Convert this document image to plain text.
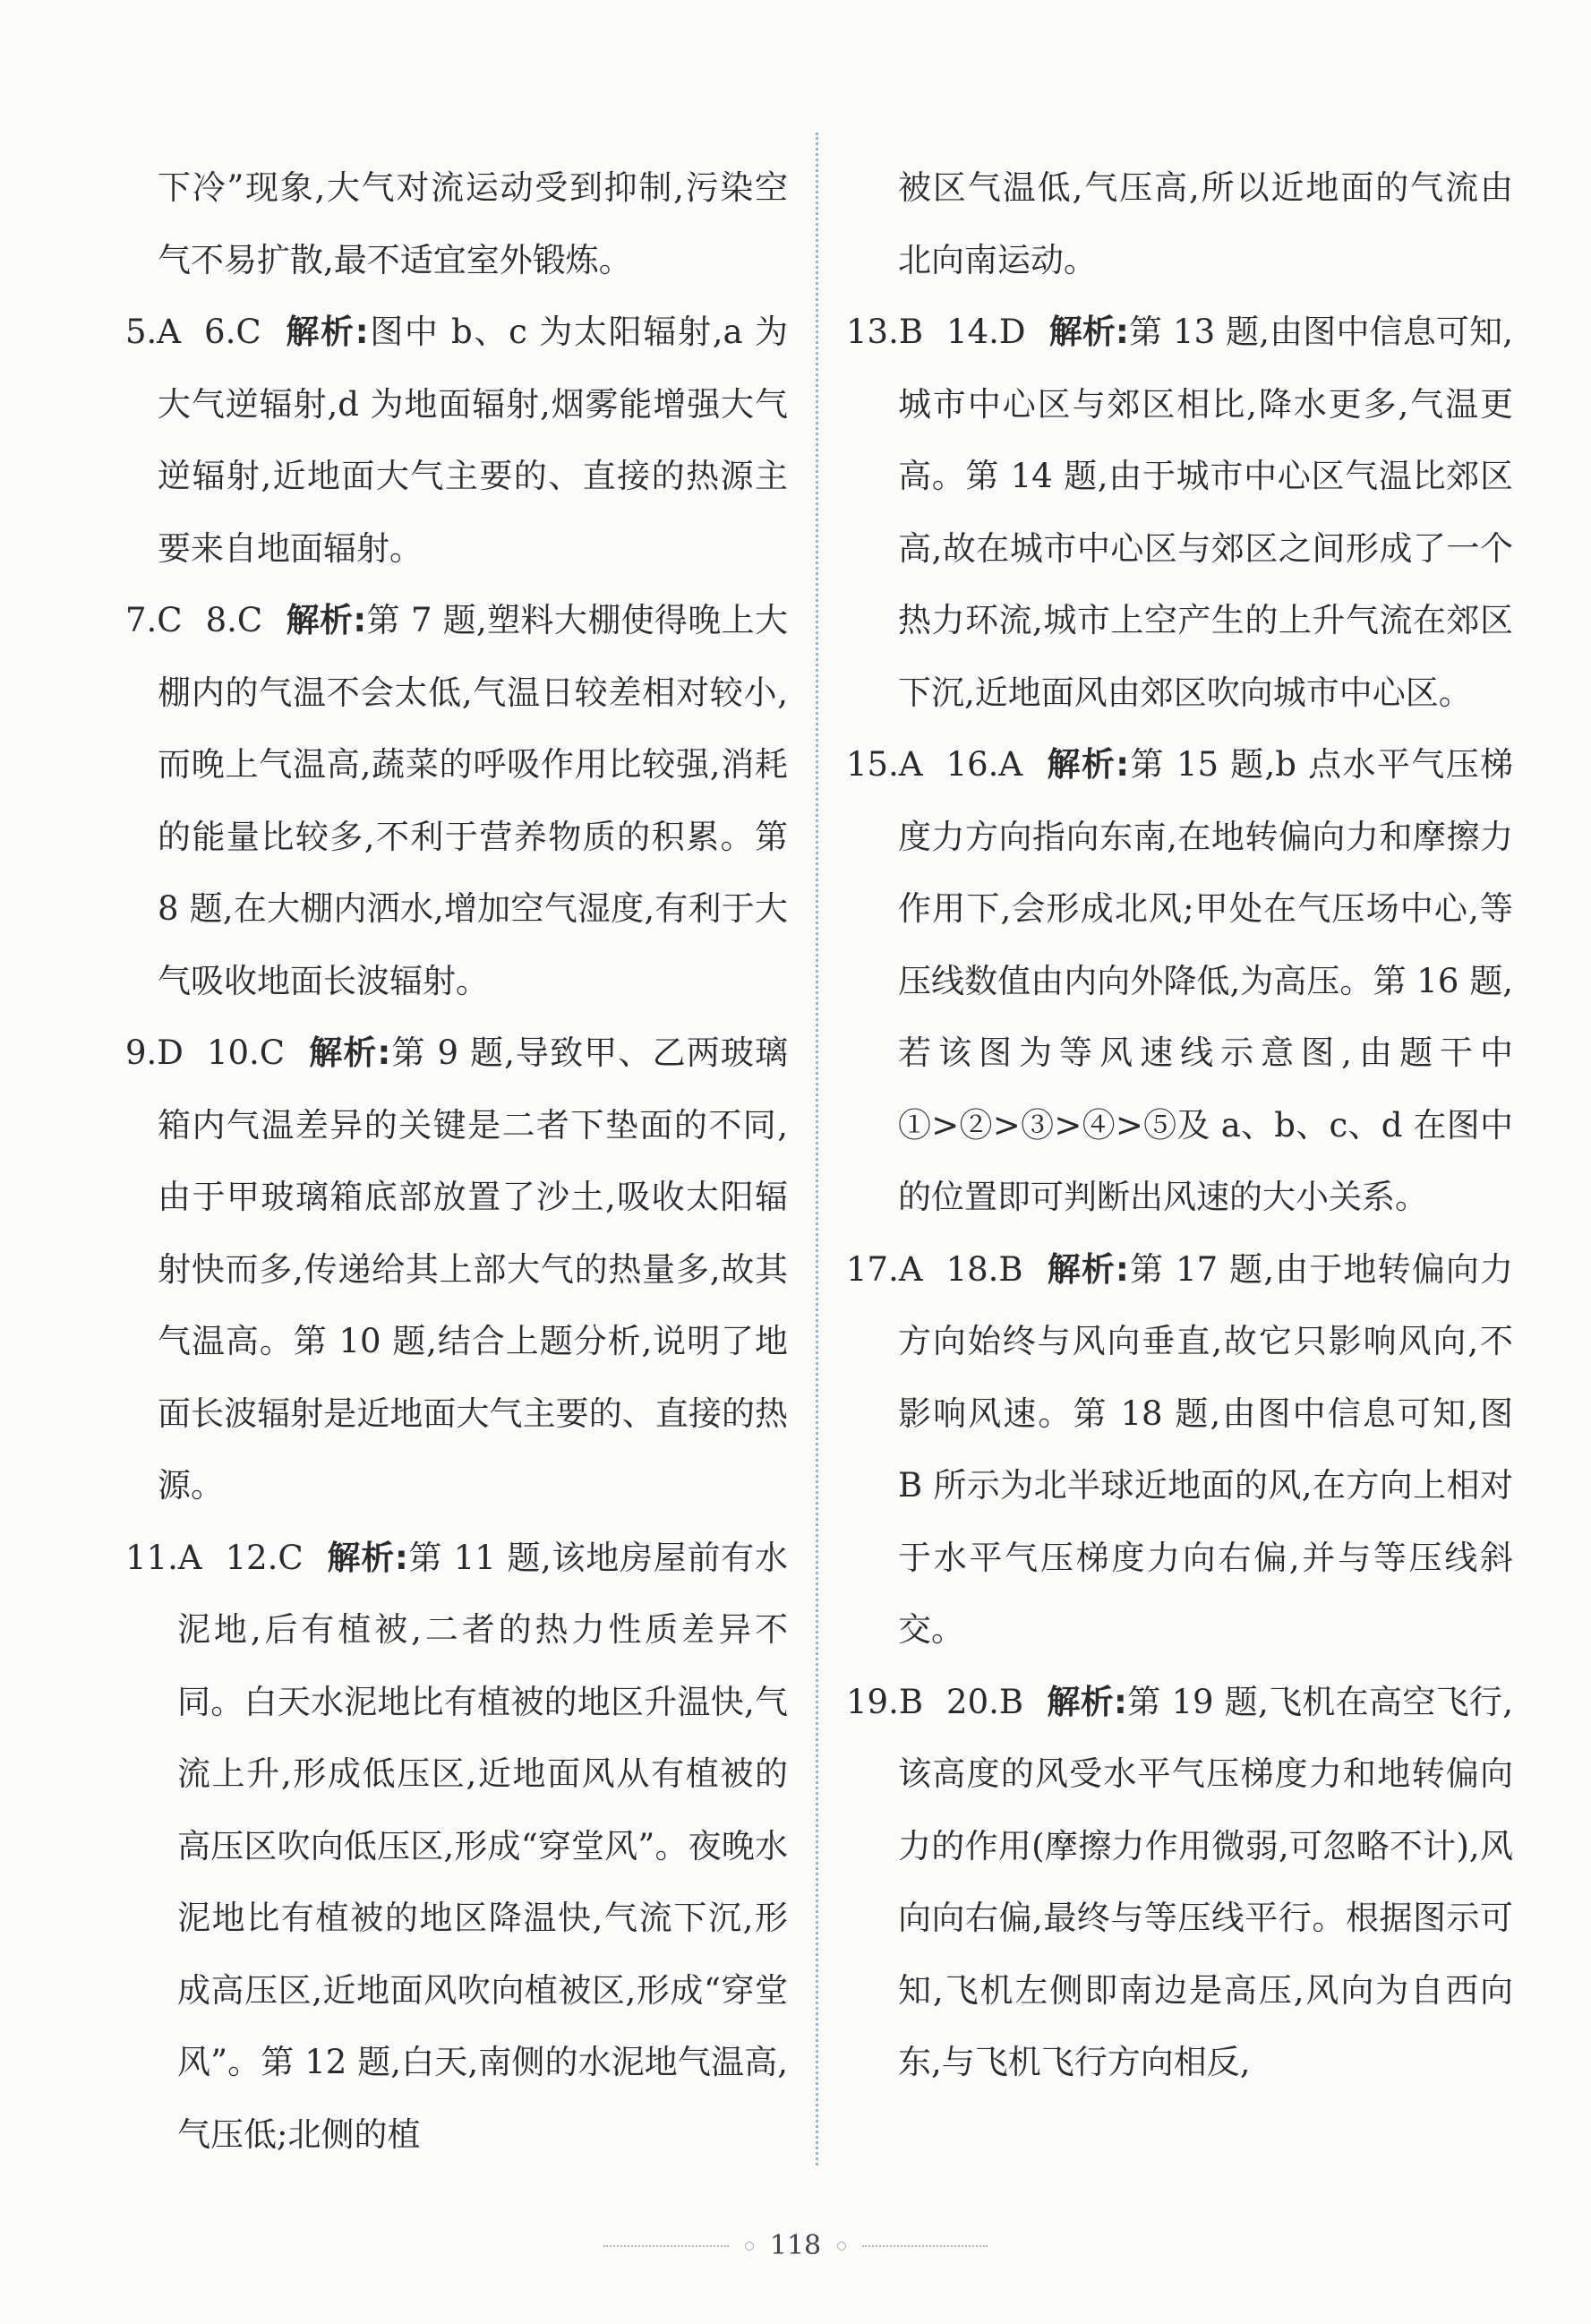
下冷”现象,大气对流运动受到抑制,污染空气不易扩散,最不适宜室外锻炼。

5.A 6.C 解析:图中 b、c 为太阳辐射,a 为大气逆辐射,d 为地面辐射,烟雾能增强大气逆辐射,近地面大气主要的、直接的热源主要来自地面辐射。

7.C 8.C 解析:第 7 题,塑料大棚使得晚上大棚内的气温不会太低,气温日较差相对较小,而晚上气温高,蔬菜的呼吸作用比较强,消耗的能量比较多,不利于营养物质的积累。第 8 题,在大棚内洒水,增加空气湿度,有利于大气吸收地面长波辐射。

9.D 10.C 解析:第 9 题,导致甲、乙两玻璃箱内气温差异的关键是二者下垫面的不同,由于甲玻璃箱底部放置了沙土,吸收太阳辐射快而多,传递给其上部大气的热量多,故其气温高。第 10 题,结合上题分析,说明了地面长波辐射是近地面大气主要的、直接的热源。

11.A 12.C 解析:第 11 题,该地房屋前有水泥地,后有植被,二者的热力性质差异不同。白天水泥地比有植被的地区升温快,气流上升,形成低压区,近地面风从有植被的高压区吹向低压区,形成“穿堂风”。夜晚水泥地比有植被的地区降温快,气流下沉,形成高压区,近地面风吹向植被区,形成“穿堂风”。第 12 题,白天,南侧的水泥地气温高,气压低;北侧的植

被区气温低,气压高,所以近地面的气流由北向南运动。

13.B 14.D 解析:第 13 题,由图中信息可知,城市中心区与郊区相比,降水更多,气温更高。第 14 题,由于城市中心区气温比郊区高,故在城市中心区与郊区之间形成了一个热力环流,城市上空产生的上升气流在郊区下沉,近地面风由郊区吹向城市中心区。

15.A 16.A 解析:第 15 题,b 点水平气压梯度力方向指向东南,在地转偏向力和摩擦力作用下,会形成北风;甲处在气压场中心,等压线数值由内向外降低,为高压。第 16 题,若该图为等风速线示意图,由题干中①>②>③>④>⑤及 a、b、c、d 在图中的位置即可判断出风速的大小关系。

17.A 18.B 解析:第 17 题,由于地转偏向力方向始终与风向垂直,故它只影响风向,不影响风速。第 18 题,由图中信息可知,图 B 所示为北半球近地面的风,在方向上相对于水平气压梯度力向右偏,并与等压线斜交。

19.B 20.B 解析:第 19 题,飞机在高空飞行,该高度的风受水平气压梯度力和地转偏向力的作用(摩擦力作用微弱,可忽略不计),风向向右偏,最终与等压线平行。根据图示可知,飞机左侧即南边是高压,风向为自西向东,与飞机飞行方向相反,

118
